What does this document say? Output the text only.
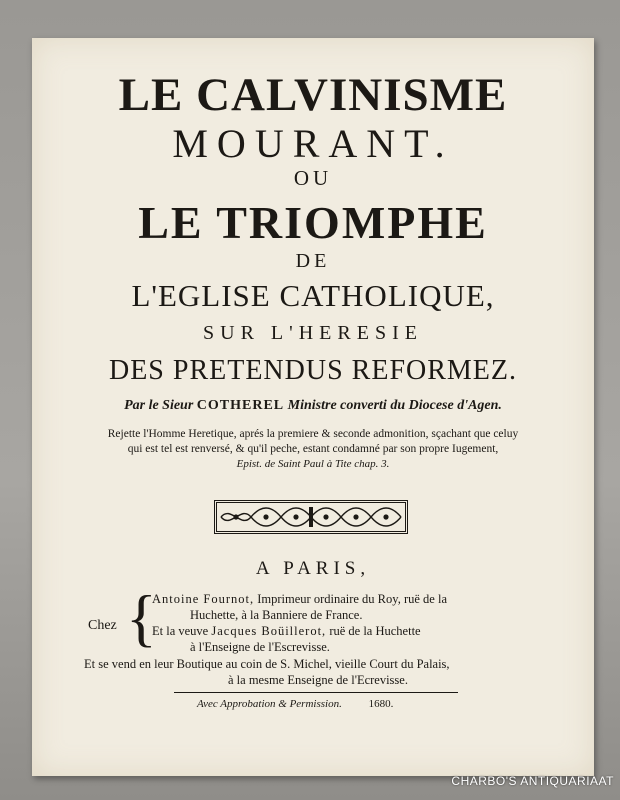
LE CALVINISME
MOURANT.
OU
LE TRIOMPHE
DE
L'EGLISE CATHOLIQUE,
SUR L'HERESIE
DES PRETENDUS REFORMEZ.
Par le Sieur COTHEREL Ministre converti du Diocese d'Agen.
Rejette l'Homme Heretique, aprés la premiere & seconde admonition, sçachant que celuy
qui est tel est renversé, & qu'il peche, estant condamné par son propre Iugement,
Epist. de Saint Paul à Tite chap. 3.
A PARIS,
Chez {
Antoine Fournot, Imprimeur ordinaire du Roy, ruë de la
Huchette, à la Banniere de France.
Et la veuve Jacques Boüillerot, ruë de la Huchette
à l'Enseigne de l'Escrevisse.
Et se vend en leur Boutique au coin de S. Michel, vieille Court du Palais,
à la mesme Enseigne de l'Ecrevisse.
Avec Approbation & Permission. 1680.
CHARBO'S ANTIQUARIAAT
